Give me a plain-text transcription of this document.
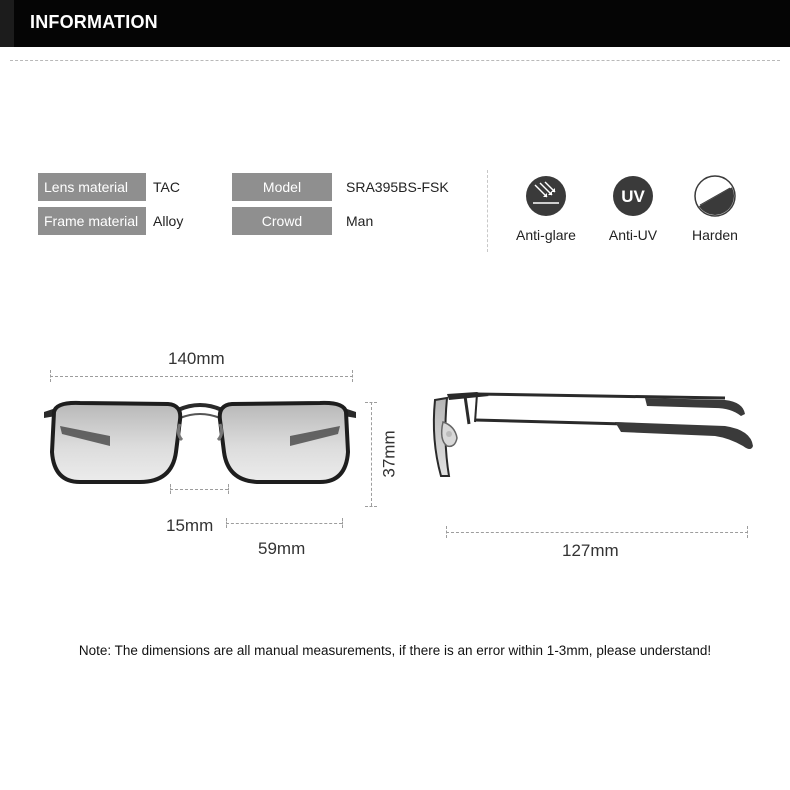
INFORMATION
Lens material	TAC
Frame material	Alloy
Model	SRA395BS-FSK
Crowd	Man
Anti-glare
UV
Anti-UV	Harden
140mm
37mm
15mm
59mm	127mm
Note: The dimensions are all manual measurements, if there is an error within 1-3mm, please understand!
